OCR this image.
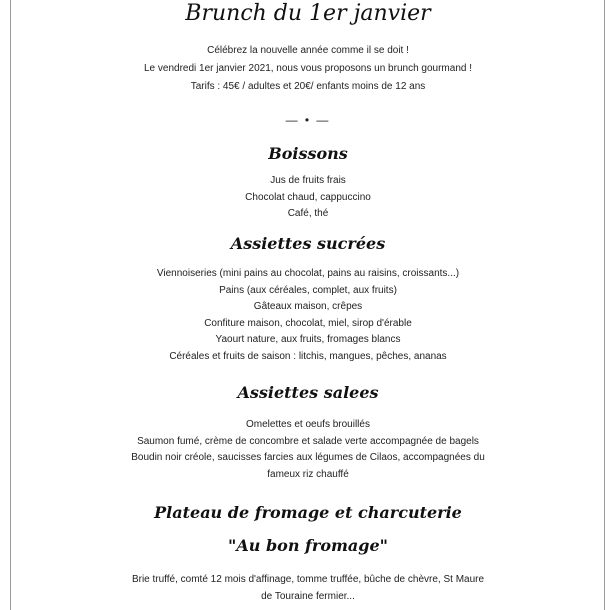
Brunch du 1er janvier
Célébrez la nouvelle année comme il se doit !
Le vendredi 1er janvier 2021, nous vous proposons un brunch gourmand !
Tarifs : 45€ / adultes et 20€/ enfants moins de 12 ans
— • —
Boissons
Jus de fruits frais
Chocolat chaud, cappuccino
Café, thé
Assiettes sucrées
Viennoiseries (mini pains au chocolat, pains au raisins, croissants...)
Pains (aux céréales, complet, aux fruits)
Gâteaux maison, crêpes
Confiture maison, chocolat, miel, sirop d'érable
Yaourt nature, aux fruits, fromages blancs
Céréales et fruits de saison : litchis, mangues, pêches, ananas
Assiettes salees
Omelettes et oeufs brouillés
Saumon fumé, crème de concombre et salade verte accompagnée de bagels
Boudin noir créole, saucisses farcies aux légumes de Cilaos, accompagnées du
fameux riz chauffé
Plateau de fromage et charcuterie
"Au bon fromage"
Brie truffé, comté 12 mois d'affinage, tomme truffée, bûche de chèvre, St Maure
de Touraine fermier...
